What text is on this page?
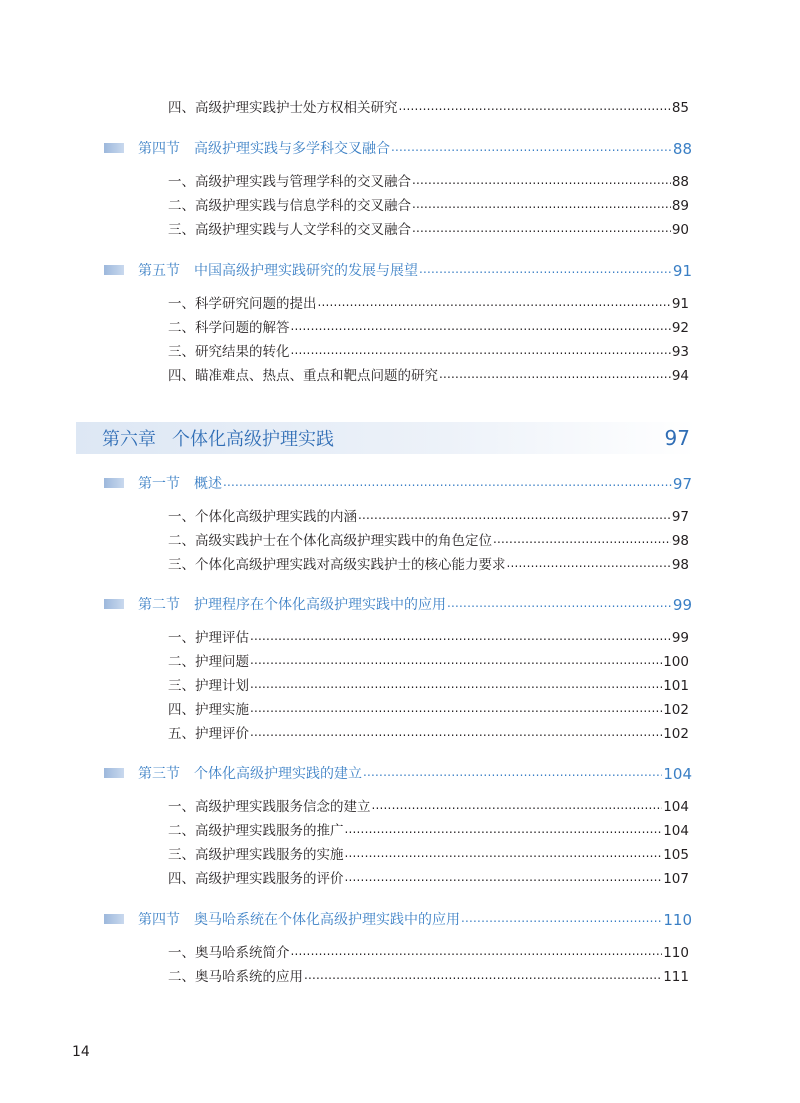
四、高级护理实践护士处方权相关研究 .....	85
第四节 高级护理实践与多学科交叉融合 .....	88
一、高级护理实践与管理学科的交叉融合 .....	88
二、高级护理实践与信息学科的交叉融合 .....	89
三、高级护理实践与人文学科的交叉融合 .....	90
第五节 中国高级护理实践研究的发展与展望 .....	91
一、科学研究问题的提出 .....	91
二、科学问题的解答 .....	92
三、研究结果的转化 .....	93
四、瞄准难点、热点、重点和靶点问题的研究 .....	94
第六章 个体化高级护理实践	97
第一节 概述 .....	97
一、个体化高级护理实践的内涵 .....	97
二、高级实践护士在个体化高级护理实践中的角色定位 .....	98
三、个体化高级护理实践对高级实践护士的核心能力要求 .....	98
第二节 护理程序在个体化高级护理实践中的应用 .....	99
一、护理评估 .....	99
二、护理问题 .....	100
三、护理计划 .....	101
四、护理实施 .....	102
五、护理评价 .....	102
第三节 个体化高级护理实践的建立 .....	104
一、高级护理实践服务信念的建立 .....	104
二、高级护理实践服务的推广 .....	104
三、高级护理实践服务的实施 .....	105
四、高级护理实践服务的评价 .....	107
第四节 奥马哈系统在个体化高级护理实践中的应用 .....	110
一、奥马哈系统简介 .....	110
二、奥马哈系统的应用 .....	111
14
